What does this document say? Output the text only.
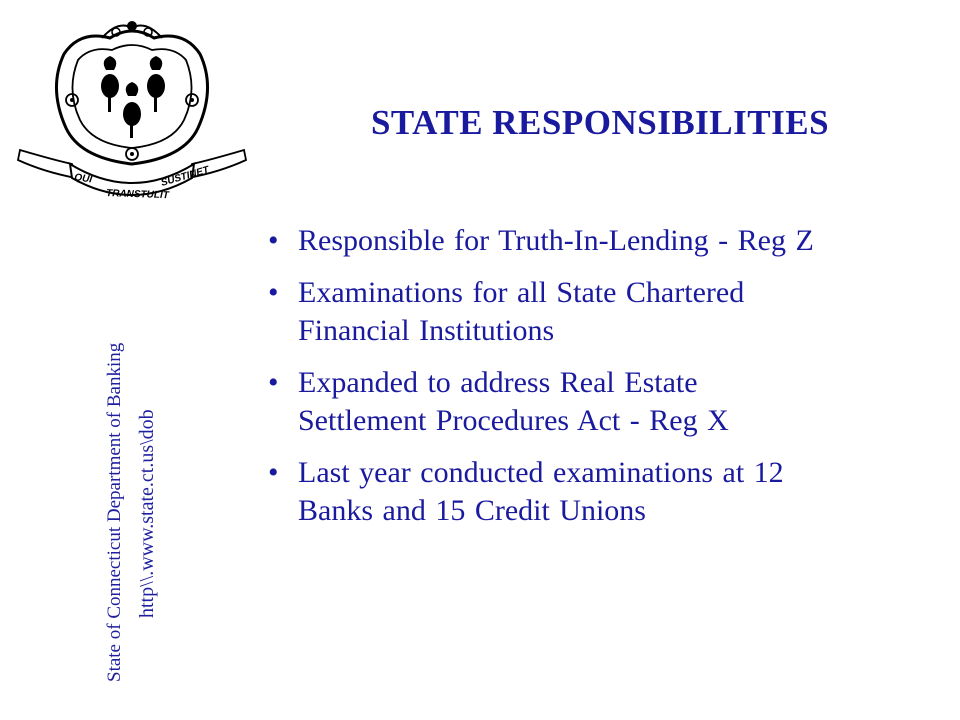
QUI
TRANSTULIT
SUSTINET
State of Connecticut Department of Banking http\\.www.state.ct.us\dob
STATE RESPONSIBILITIES
• Responsible for Truth-In-Lending - Reg Z
• Examinations for all State Chartered
Financial Institutions
• Expanded to address Real Estate
Settlement Procedures Act - Reg X
• Last year conducted examinations at 12
Banks and 15 Credit Unions
